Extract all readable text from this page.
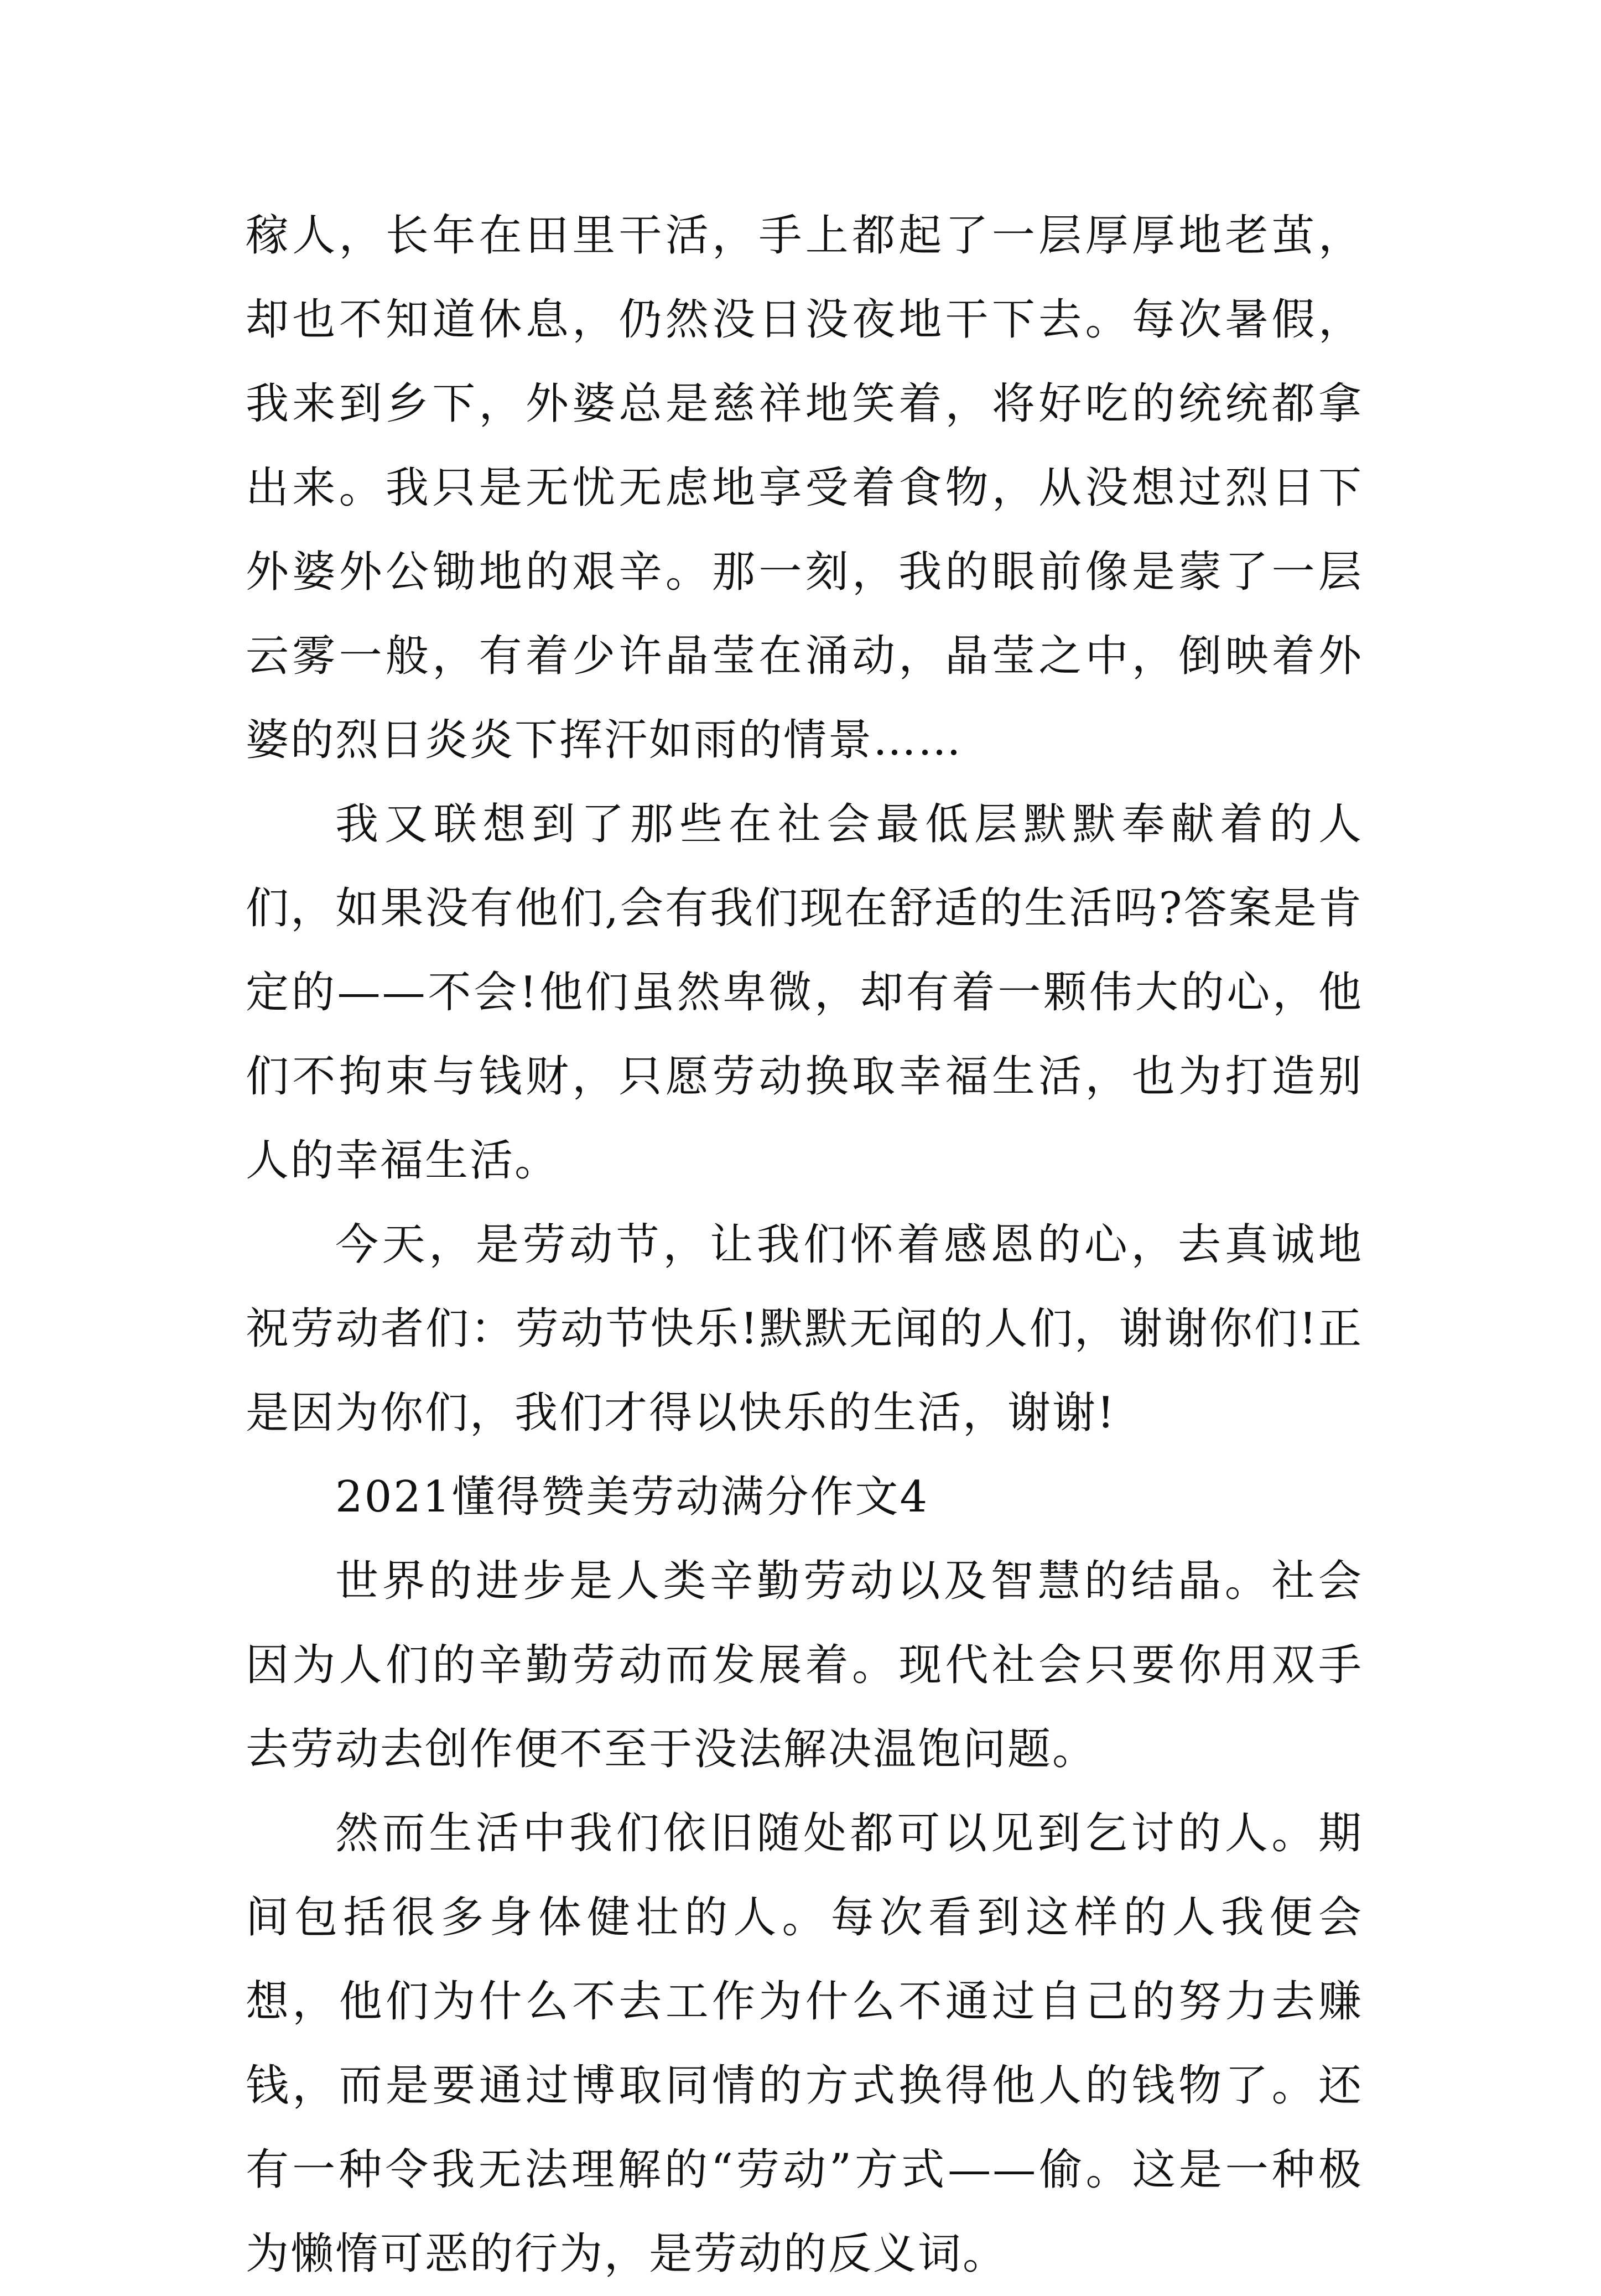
稼人，长年在田里干活，手上都起了一层厚厚地老茧，却也不知道休息，仍然没日没夜地干下去。每次暑假，我来到乡下，外婆总是慈祥地笑着，将好吃的统统都拿出来。我只是无忧无虑地享受着食物，从没想过烈日下外婆外公锄地的艰辛。那一刻，我的眼前像是蒙了一层云雾一般，有着少许晶莹在涌动，晶莹之中，倒映着外婆的烈日炎炎下挥汗如雨的情景……

我又联想到了那些在社会最低层默默奉献着的人们，如果没有他们,会有我们现在舒适的生活吗?答案是肯定的——不会!他们虽然卑微，却有着一颗伟大的心，他们不拘束与钱财，只愿劳动换取幸福生活，也为打造别人的幸福生活。

今天，是劳动节，让我们怀着感恩的心，去真诚地祝劳动者们：劳动节快乐!默默无闻的人们，谢谢你们!正是因为你们，我们才得以快乐的生活，谢谢!

2021懂得赞美劳动满分作文4

世界的进步是人类辛勤劳动以及智慧的结晶。社会因为人们的辛勤劳动而发展着。现代社会只要你用双手去劳动去创作便不至于没法解决温饱问题。

然而生活中我们依旧随处都可以见到乞讨的人。期间包括很多身体健壮的人。每次看到这样的人我便会想，他们为什么不去工作为什么不通过自己的努力去赚钱，而是要通过博取同情的方式换得他人的钱物了。还有一种令我无法理解的“劳动”方式——偷。这是一种极为懒惰可恶的行为，是劳动的反义词。
